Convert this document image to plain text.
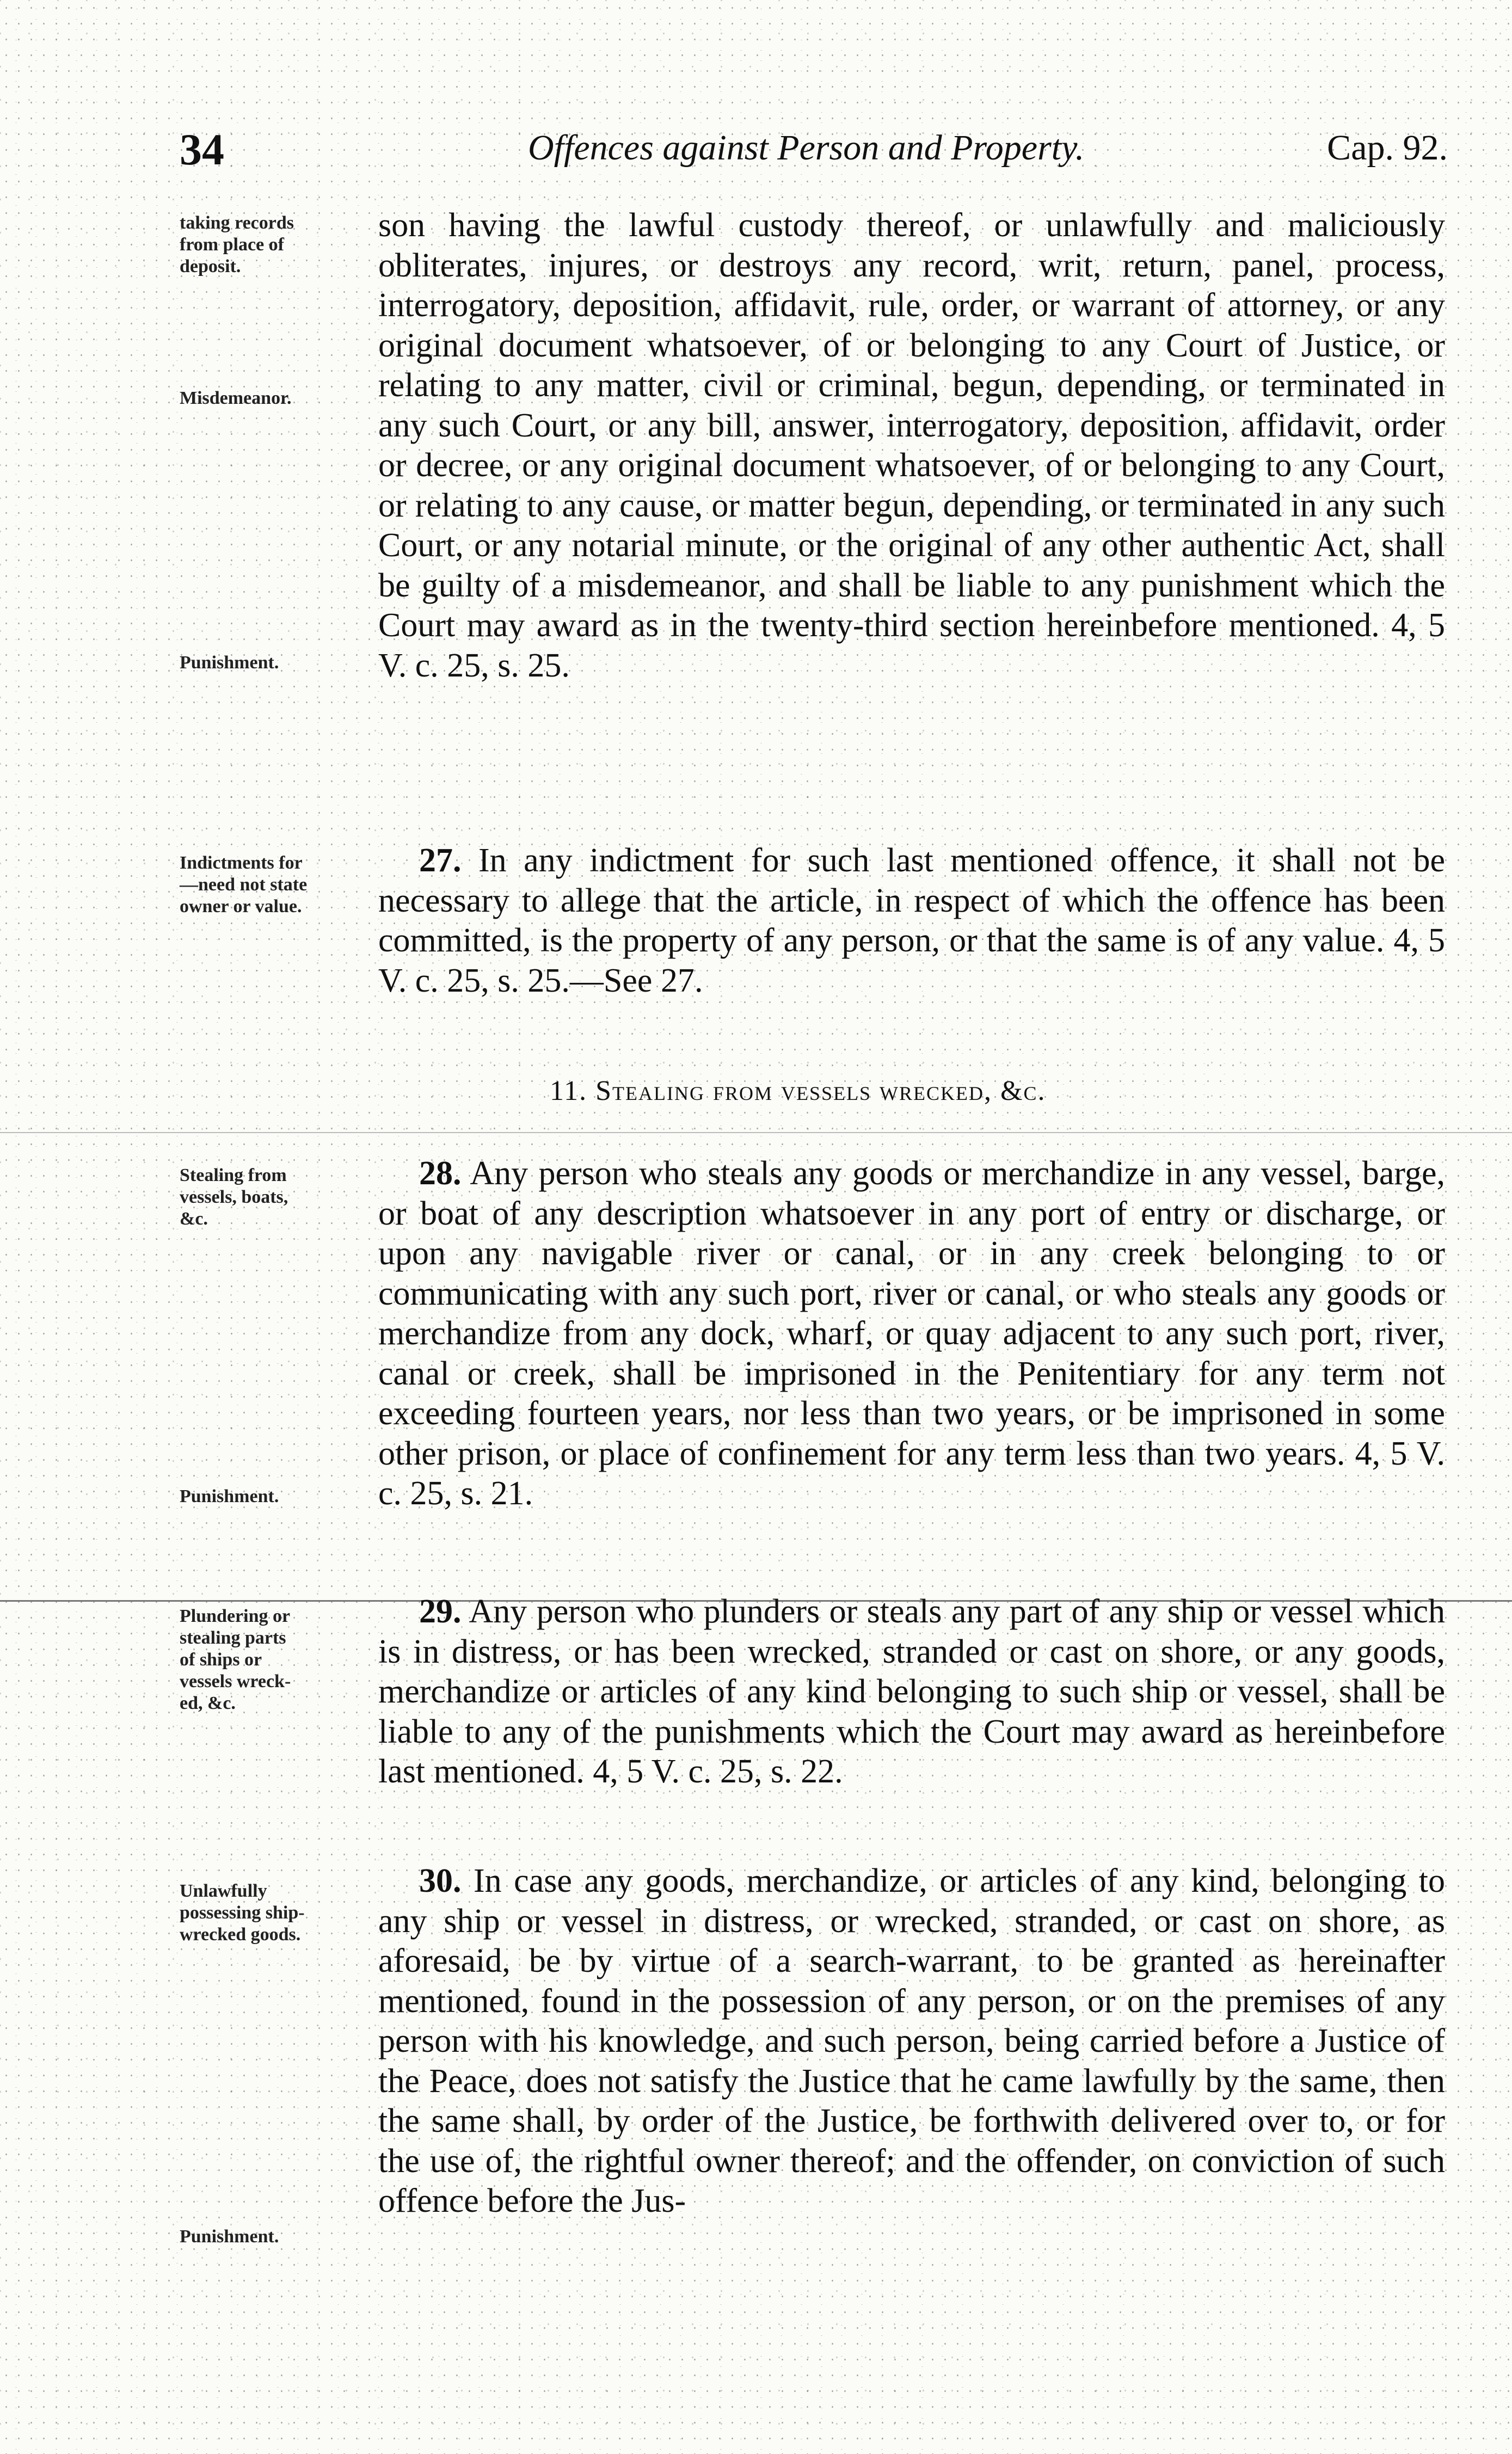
34	Offences against Person and Property.	Cap. 92.
taking records
from place of
deposit.
Misdemeanor.
Punishment.
Indictments for
—need not state
owner or value.
Stealing from
vessels, boats,
&c.
Punishment.
Plundering or
stealing parts
of ships or
vessels wreck-
ed, &c.
Unlawfully
possessing ship-
wrecked goods.
Punishment.
son having the lawful custody thereof, or unlawfully and maliciously obliterates, injures, or destroys any record, writ, return, panel, process, interrogatory, deposition, affidavit, rule, order, or warrant of attorney, or any original document whatsoever, of or belonging to any Court of Justice, or relating to any matter, civil or criminal, begun, depending, or terminated in any such Court, or any bill, answer, interrogatory, deposition, affidavit, order or decree, or any original document whatsoever, of or belonging to any Court, or relating to any cause, or matter begun, depending, or terminated in any such Court, or any notarial minute, or the original of any other authentic Act, shall be guilty of a misdemeanor, and shall be liable to any punishment which the Court may award as in the twenty-third section hereinbefore mentioned. 4, 5 V. c. 25, s. 25.
27. In any indictment for such last mentioned offence, it shall not be necessary to allege that the article, in respect of which the offence has been committed, is the property of any person, or that the same is of any value. 4, 5 V. c. 25, s. 25.—See 27.
11. Stealing from vessels wrecked, &c.
28. Any person who steals any goods or merchandize in any vessel, barge, or boat of any description whatsoever in any port of entry or discharge, or upon any navigable river or canal, or in any creek belonging to or communicating with any such port, river or canal, or who steals any goods or merchandize from any dock, wharf, or quay adjacent to any such port, river, canal or creek, shall be imprisoned in the Penitentiary for any term not exceeding fourteen years, nor less than two years, or be imprisoned in some other prison, or place of confinement for any term less than two years. 4, 5 V. c. 25, s. 21.
29. Any person who plunders or steals any part of any ship or vessel which is in distress, or has been wrecked, stranded or cast on shore, or any goods, merchandize or articles of any kind belonging to such ship or vessel, shall be liable to any of the punishments which the Court may award as hereinbefore last mentioned. 4, 5 V. c. 25, s. 22.
30. In case any goods, merchandize, or articles of any kind, belonging to any ship or vessel in distress, or wrecked, stranded, or cast on shore, as aforesaid, be by virtue of a search-warrant, to be granted as hereinafter mentioned, found in the possession of any person, or on the premises of any person with his knowledge, and such person, being carried before a Justice of the Peace, does not satisfy the Justice that he came lawfully by the same, then the same shall, by order of the Justice, be forthwith delivered over to, or for the use of, the rightful owner thereof; and the offender, on conviction of such offence before the Jus-
